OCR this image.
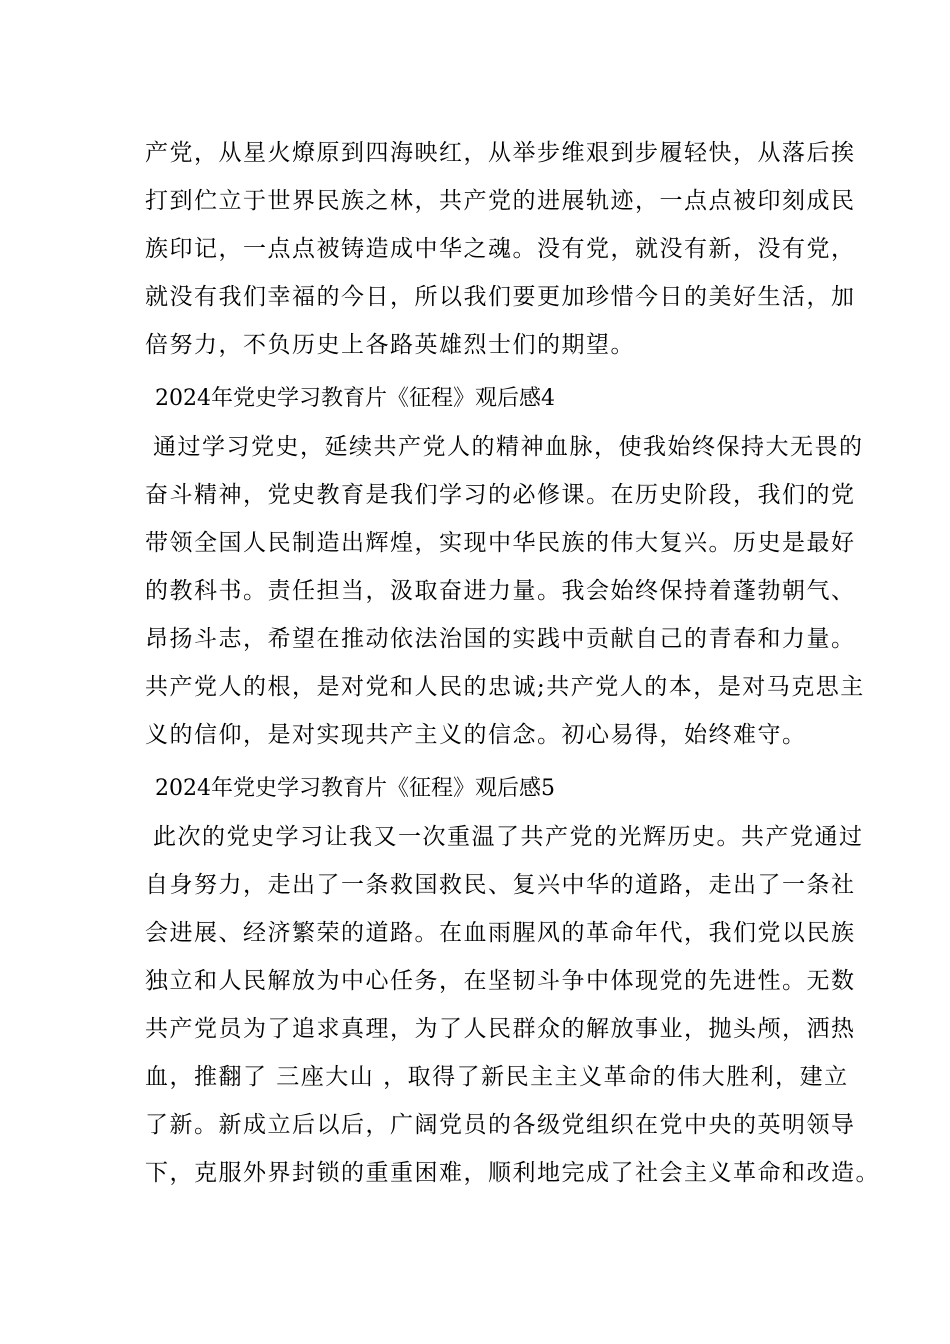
产党，从星火燎原到四海映红，从举步维艰到步履轻快，从落后挨
打到伫立于世界民族之林，共产党的进展轨迹，一点点被印刻成民
族印记，一点点被铸造成中华之魂。没有党，就没有新，没有党，
就没有我们幸福的今日，所以我们要更加珍惜今日的美好生活，加
倍努力，不负历史上各路英雄烈士们的期望。
2024年党史学习教育片《征程》观后感4
通过学习党史，延续共产党人的精神血脉，使我始终保持大无畏的
奋斗精神，党史教育是我们学习的必修课。在历史阶段，我们的党
带领全国人民制造出辉煌，实现中华民族的伟大复兴。历史是最好
的教科书。责任担当，汲取奋进力量。我会始终保持着蓬勃朝气、
昂扬斗志，希望在推动依法治国的实践中贡献自己的青春和力量。
共产党人的根，是对党和人民的忠诚;共产党人的本，是对马克思主
义的信仰，是对实现共产主义的信念。初心易得，始终难守。
2024年党史学习教育片《征程》观后感5
此次的党史学习让我又一次重温了共产党的光辉历史。共产党通过
自身努力，走出了一条救国救民、复兴中华的道路，走出了一条社
会进展、经济繁荣的道路。在血雨腥风的革命年代，我们党以民族
独立和人民解放为中心任务，在坚韧斗争中体现党的先进性。无数
共产党员为了追求真理，为了人民群众的解放事业，抛头颅，洒热
血，推翻了 三座大山 ，取得了新民主主义革命的伟大胜利，建立
了新。新成立后以后，广阔党员的各级党组织在党中央的英明领导
下，克服外界封锁的重重困难，顺利地完成了社会主义革命和改造。
